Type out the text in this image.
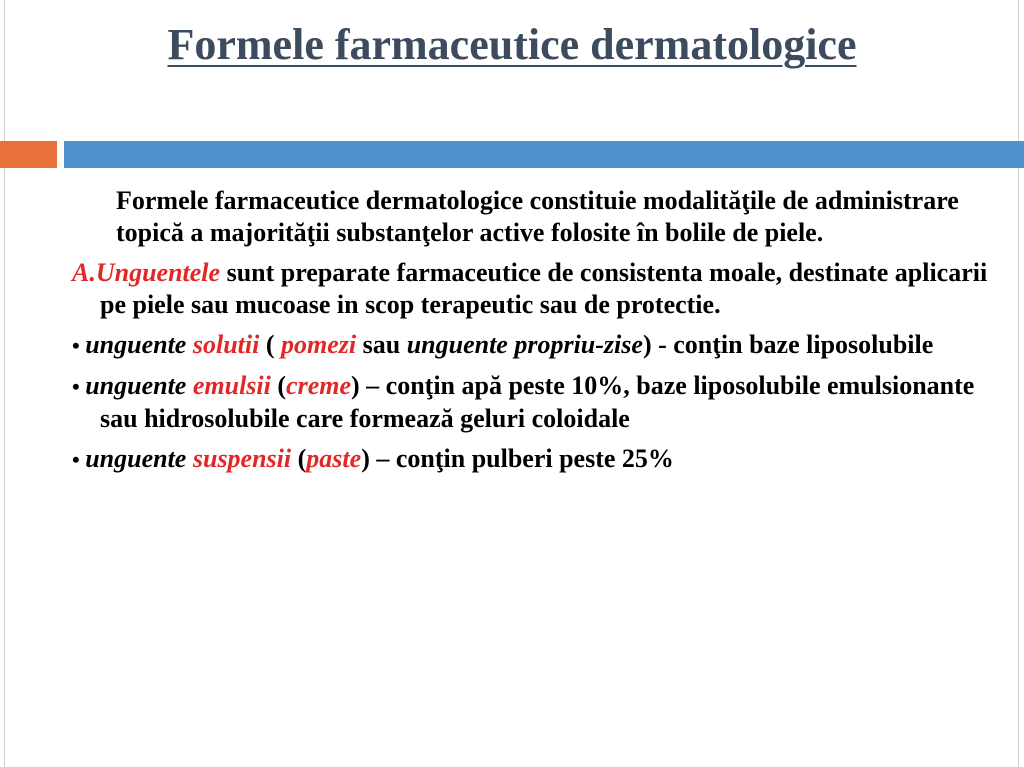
Formele farmaceutice dermatologice

Formele farmaceutice dermatologice constituie modalităţile de administrare topică a majorităţii substanţelor active folosite în bolile de piele.

A.Unguentele sunt preparate farmaceutice de consistenta moale, destinate aplicarii pe piele sau mucoase in scop terapeutic sau de protectie.

• unguente solutii ( pomezi sau unguente propriu-zise) - conţin baze liposolubile

• unguente emulsii (creme) – conţin apă peste 10%, baze liposolubile emulsionante sau hidrosolubile care formează geluri coloidale

• unguente suspensii (paste) – conţin pulberi peste 25%
